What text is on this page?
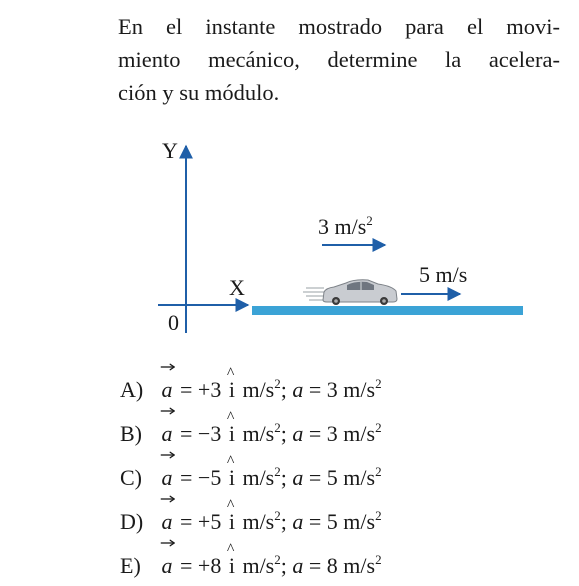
En el instante mostrado para el movi-
miento mecánico, determine la acelera-
ción y su módulo.
Y
X
0
3 $m/s^2$
5 m/s
A) a = +3
^
i $m/s^2$; a = 3 $m/s^2$
B) a = −3
^
i $m/s^2$; a = 3 $m/s^2$
C) a = −5
^
i $m/s^2$; a = 5 $m/s^2$
D) a = +5
^
i $m/s^2$; a = 5 $m/s^2$
E) a = +8
^
i $m/s^2$; a = 8 $m/s^2$
